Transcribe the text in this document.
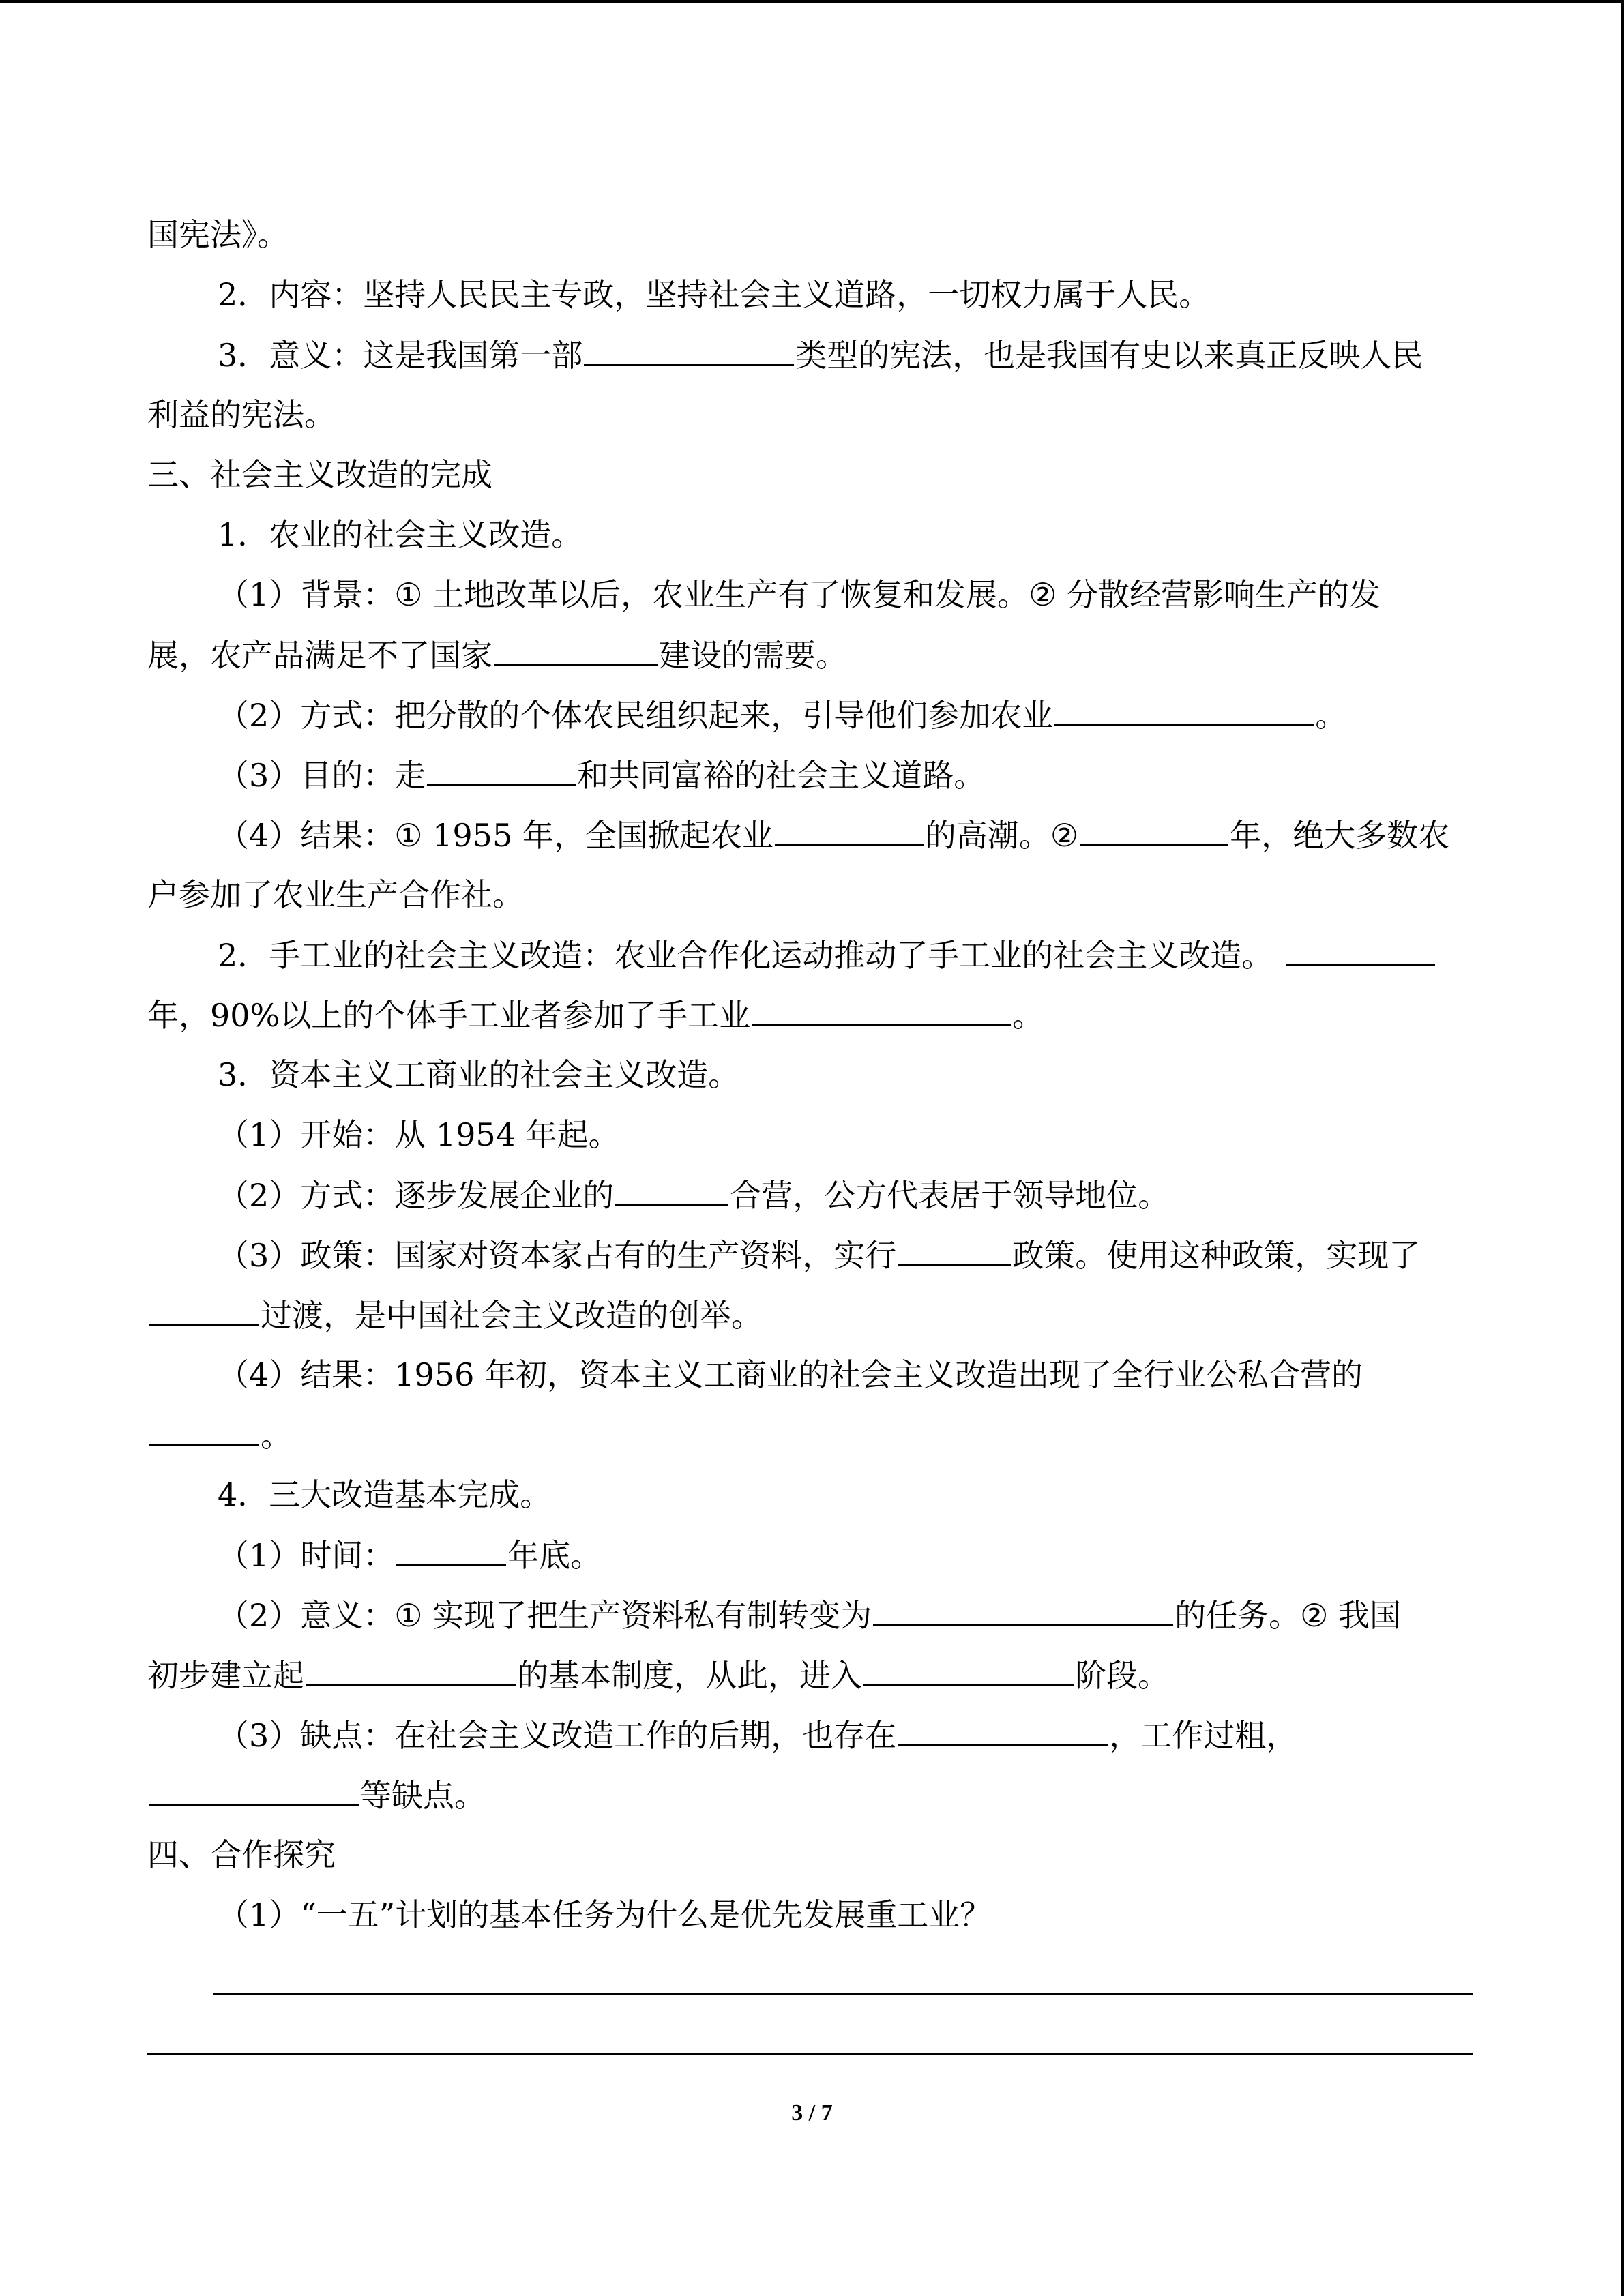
国宪法》。
2．内容：坚持人民民主专政，坚持社会主义道路，一切权力属于人民。
3．意义：这是我国第一部	类型的宪法，也是我国有史以来真正反映人民
利益的宪法。
三、社会主义改造的完成
1．农业的社会主义改造。
（1）背景：① 土地改革以后，农业生产有了恢复和发展。② 分散经营影响生产的发
展，农产品满足不了国家	建设的需要。
（2）方式：把分散的个体农民组织起来，引导他们参加农业	。
（3）目的：走	和共同富裕的社会主义道路。
（4）结果：① 1955 年，全国掀起农业	的高潮。②	年，绝大多数农
户参加了农业生产合作社。
2．手工业的社会主义改造：农业合作化运动推动了手工业的社会主义改造。
年，90%以上的个体手工业者参加了手工业	。
3．资本主义工商业的社会主义改造。
（1）开始：从 1954 年起。
（2）方式：逐步发展企业的	合营，公方代表居于领导地位。
（3）政策：国家对资本家占有的生产资料，实行	政策。使用这种政策，实现了
过渡，是中国社会主义改造的创举。
（4）结果：1956 年初，资本主义工商业的社会主义改造出现了全行业公私合营的
。
4．三大改造基本完成。
（1）时间：	年底。
（2）意义：① 实现了把生产资料私有制转变为	的任务。② 我国
初步建立起	的基本制度，从此，进入	阶段。
（3）缺点：在社会主义改造工作的后期，也存在	，工作过粗，
等缺点。
四、合作探究
（1）“一五”计划的基本任务为什么是优先发展重工业？
3 / 7
